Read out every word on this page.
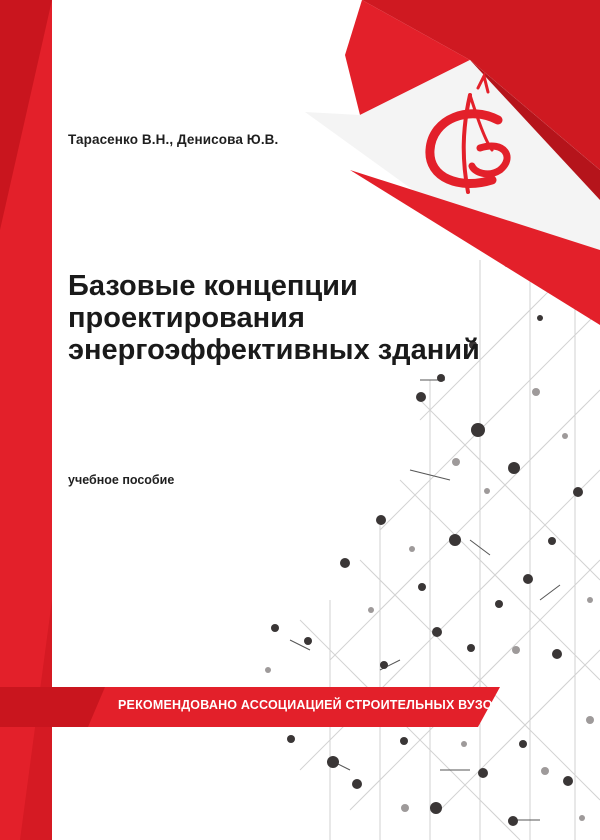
Тарасенко В.Н., Денисова Ю.В.
Базовые концепции
проектирования
энергоэффективных зданий
учебное пособие
РЕКОМЕНДОВАНО АССОЦИАЦИЕЙ СТРОИТЕЛЬНЫХ ВУЗОВ
